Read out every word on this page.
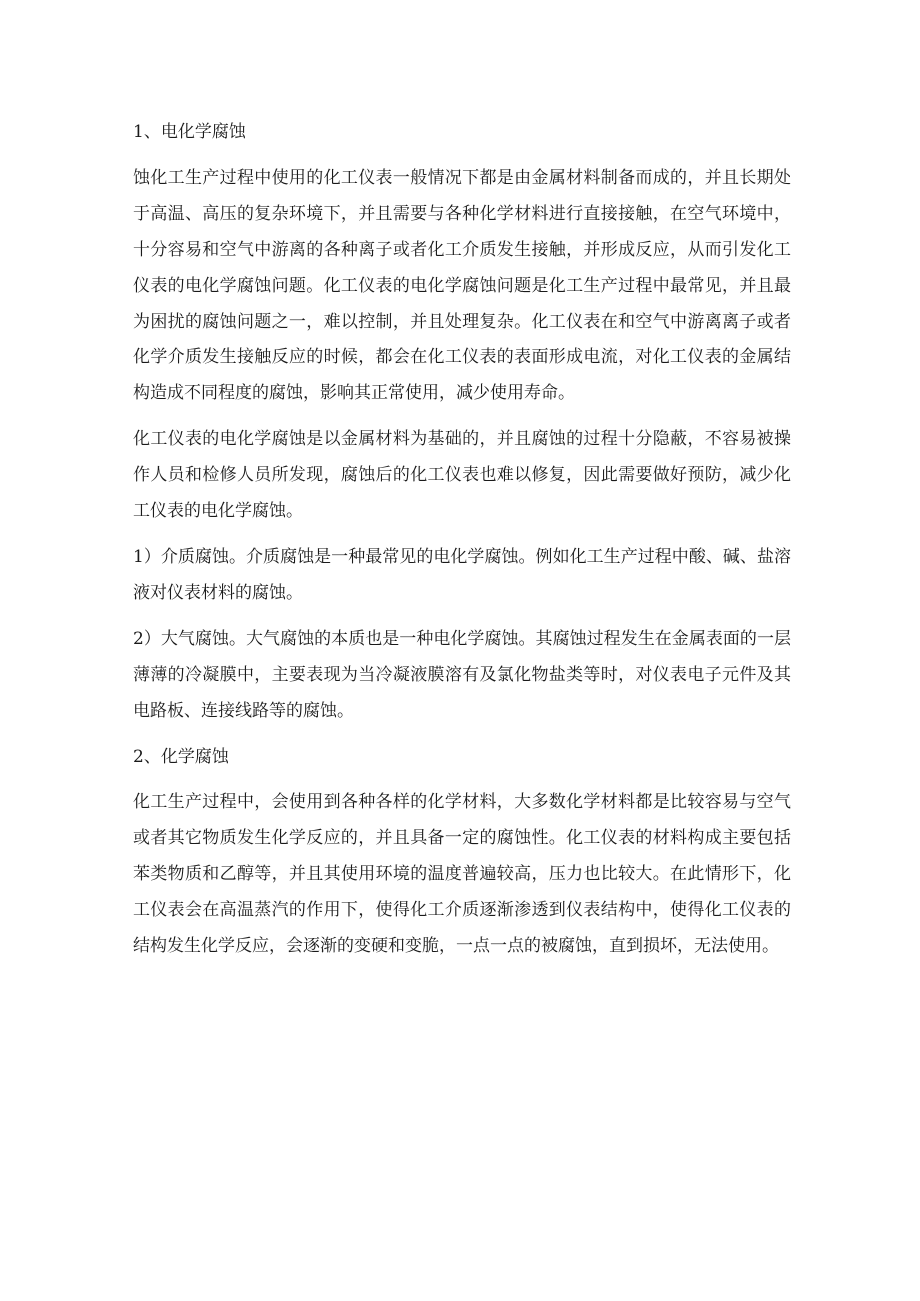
1、电化学腐蚀

蚀化工生产过程中使用的化工仪表一般情况下都是由金属材料制备而成的，并且长期处于高温、高压的复杂环境下，并且需要与各种化学材料进行直接接触，在空气环境中，十分容易和空气中游离的各种离子或者化工介质发生接触，并形成反应，从而引发化工仪表的电化学腐蚀问题。化工仪表的电化学腐蚀问题是化工生产过程中最常见，并且最为困扰的腐蚀问题之一，难以控制，并且处理复杂。化工仪表在和空气中游离离子或者化学介质发生接触反应的时候，都会在化工仪表的表面形成电流，对化工仪表的金属结构造成不同程度的腐蚀，影响其正常使用，减少使用寿命。

化工仪表的电化学腐蚀是以金属材料为基础的，并且腐蚀的过程十分隐蔽，不容易被操作人员和检修人员所发现，腐蚀后的化工仪表也难以修复，因此需要做好预防，减少化工仪表的电化学腐蚀。

1）介质腐蚀。介质腐蚀是一种最常见的电化学腐蚀。例如化工生产过程中酸、碱、盐溶液对仪表材料的腐蚀。

2）大气腐蚀。大气腐蚀的本质也是一种电化学腐蚀。其腐蚀过程发生在金属表面的一层薄薄的冷凝膜中，主要表现为当冷凝液膜溶有及氯化物盐类等时，对仪表电子元件及其电路板、连接线路等的腐蚀。

2、化学腐蚀

化工生产过程中，会使用到各种各样的化学材料，大多数化学材料都是比较容易与空气或者其它物质发生化学反应的，并且具备一定的腐蚀性。化工仪表的材料构成主要包括苯类物质和乙醇等，并且其使用环境的温度普遍较高，压力也比较大。在此情形下，化工仪表会在高温蒸汽的作用下，使得化工介质逐渐渗透到仪表结构中，使得化工仪表的结构发生化学反应，会逐渐的变硬和变脆，一点一点的被腐蚀，直到损坏，无法使用。
